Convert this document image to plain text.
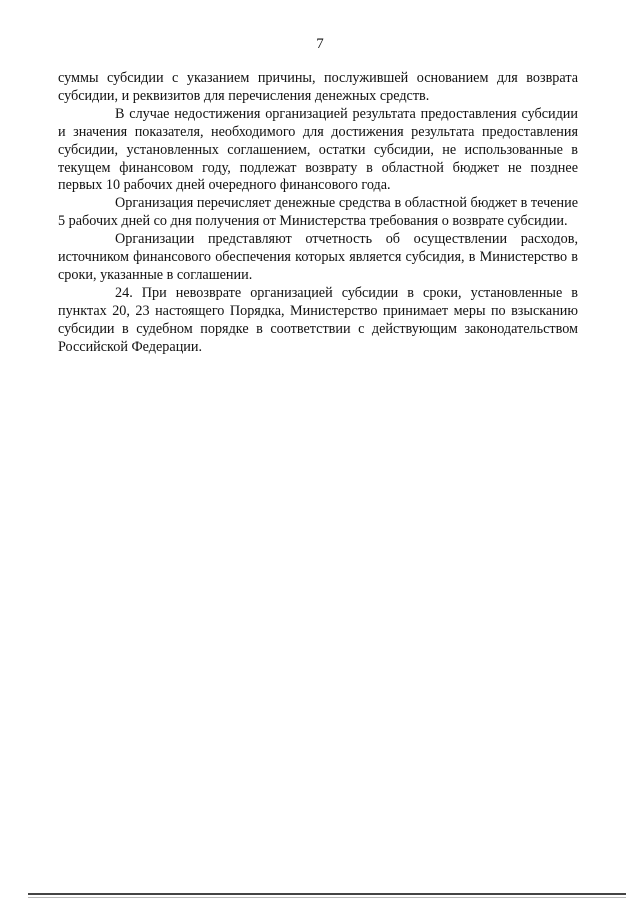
7

суммы субсидии с указанием причины, послужившей основанием для возврата субсидии, и реквизитов для перечисления денежных средств.

В случае недостижения организацией результата предоставления субсидии и значения показателя, необходимого для достижения результата предоставления субсидии, установленных соглашением, остатки субсидии, не использованные в текущем финансовом году, подлежат возврату в областной бюджет не позднее первых 10 рабочих дней очередного финансового года.

Организация перечисляет денежные средства в областной бюджет в течение 5 рабочих дней со дня получения от Министерства требования о возврате субсидии.

Организации представляют отчетность об осуществлении расходов, источником финансового обеспечения которых является субсидия, в Министерство в сроки, указанные в соглашении.

24. При невозврате организацией субсидии в сроки, установленные в пунктах 20, 23 настоящего Порядка, Министерство принимает меры по взысканию субсидии в судебном порядке в соответствии с действующим законодательством Российской Федерации.
